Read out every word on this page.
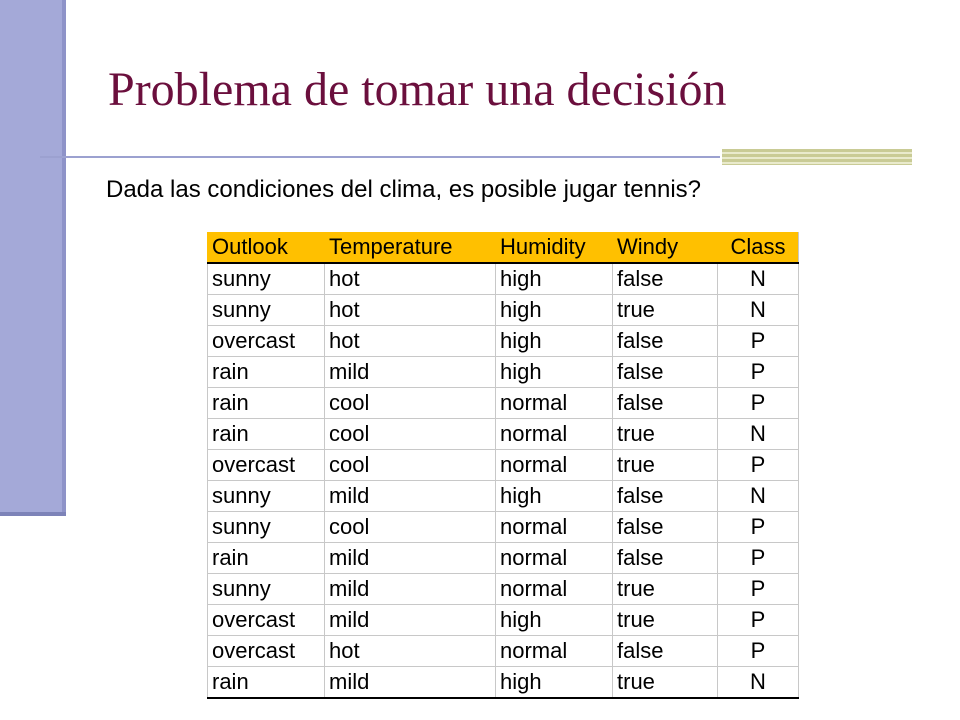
Problema de tomar una decisión
Dada las condiciones del clima, es posible jugar tennis?
Outlook	Temperature	Humidity	Windy	Class
sunny	hot	high	false	N
sunny	hot	high	true	N
overcast	hot	high	false	P
rain	mild	high	false	P
rain	cool	normal	false	P
rain	cool	normal	true	N
overcast	cool	normal	true	P
sunny	mild	high	false	N
sunny	cool	normal	false	P
rain	mild	normal	false	P
sunny	mild	normal	true	P
overcast	mild	high	true	P
overcast	hot	normal	false	P
rain	mild	high	true	N
